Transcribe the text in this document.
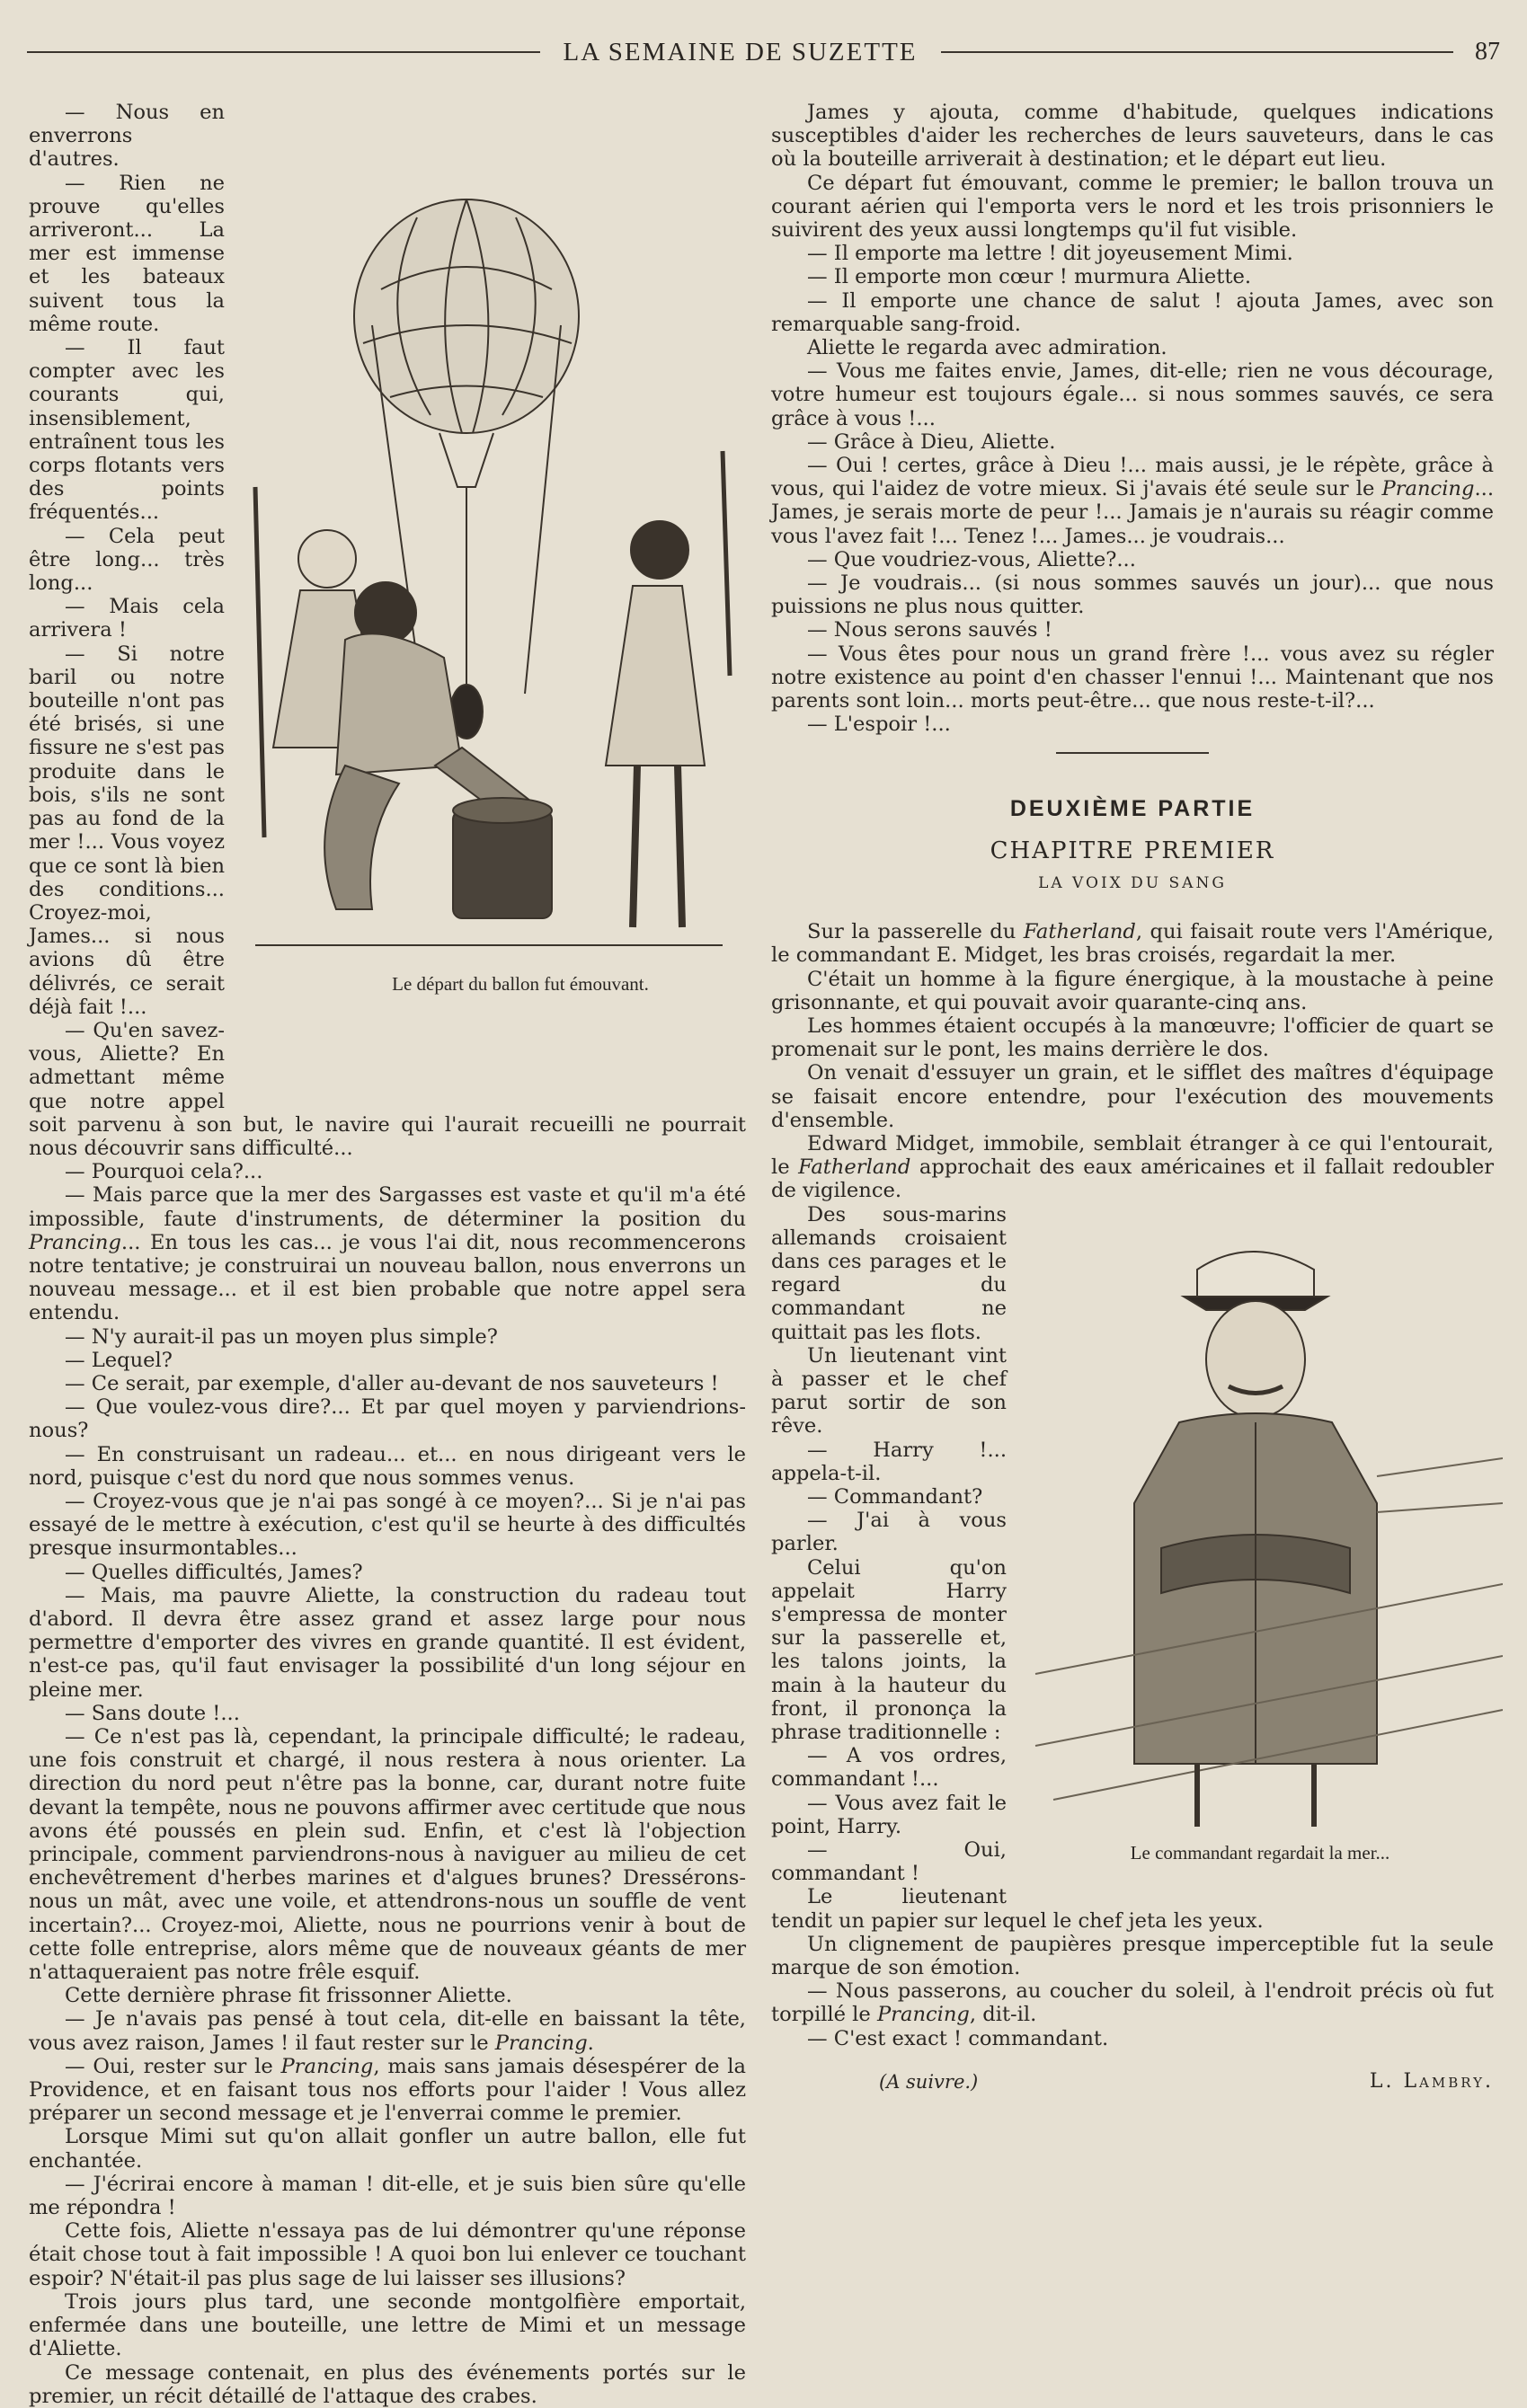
LA SEMAINE DE SUZETTE	87
Le départ du ballon fut émouvant.

— Nous en enverrons d'autres.

— Rien ne prouve qu'elles arriveront... La mer est immense et les bateaux suivent tous la même route.

— Il faut compter avec les courants qui, insensiblement, entraînent tous les corps flotants vers des points fréquentés...

— Cela peut être long... très long...

— Mais cela arrivera !

— Si notre baril ou notre bouteille n'ont pas été brisés, si une fissure ne s'est pas produite dans le bois, s'ils ne sont pas au fond de la mer !... Vous voyez que ce sont là bien des conditions... Croyez-moi, James... si nous avions dû être délivrés, ce serait déjà fait !...

— Qu'en savez-vous, Aliette? En admettant même que notre appel soit parvenu à son but, le navire qui l'aurait recueilli ne pourrait nous découvrir sans difficulté...

— Pourquoi cela?...

— Mais parce que la mer des Sargasses est vaste et qu'il m'a été impossible, faute d'instruments, de déterminer la position du Prancing... En tous les cas... je vous l'ai dit, nous recommencerons notre tentative; je construirai un nouveau ballon, nous enverrons un nouveau message... et il est bien probable que notre appel sera entendu.

— N'y aurait-il pas un moyen plus simple?

— Lequel?

— Ce serait, par exemple, d'aller au-devant de nos sauveteurs !

— Que voulez-vous dire?... Et par quel moyen y parviendrions-nous?

— En construisant un radeau... et... en nous dirigeant vers le nord, puisque c'est du nord que nous sommes venus.

— Croyez-vous que je n'ai pas songé à ce moyen?... Si je n'ai pas essayé de le mettre à exécution, c'est qu'il se heurte à des difficultés presque insurmontables...

— Quelles difficultés, James?

— Mais, ma pauvre Aliette, la construction du radeau tout d'abord. Il devra être assez grand et assez large pour nous permettre d'emporter des vivres en grande quantité. Il est évident, n'est-ce pas, qu'il faut envisager la possibilité d'un long séjour en pleine mer.

— Sans doute !...

— Ce n'est pas là, cependant, la principale difficulté; le radeau, une fois construit et chargé, il nous restera à nous orienter. La direction du nord peut n'être pas la bonne, car, durant notre fuite devant la tempête, nous ne pouvons affirmer avec certitude que nous avons été poussés en plein sud. Enfin, et c'est là l'objection principale, comment parviendrons-nous à naviguer au milieu de cet enchevêtrement d'herbes marines et d'algues brunes? Dressérons-nous un mât, avec une voile, et attendrons-nous un souffle de vent incertain?... Croyez-moi, Aliette, nous ne pourrions venir à bout de cette folle entreprise, alors même que de nouveaux géants de mer n'attaqueraient pas notre frêle esquif.

Cette dernière phrase fit frissonner Aliette.

— Je n'avais pas pensé à tout cela, dit-elle en baissant la tête, vous avez raison, James ! il faut rester sur le Prancing.

— Oui, rester sur le Prancing, mais sans jamais désespérer de la Providence, et en faisant tous nos efforts pour l'aider ! Vous allez préparer un second message et je l'enverrai comme le premier.

Lorsque Mimi sut qu'on allait gonfler un autre ballon, elle fut enchantée.

— J'écrirai encore à maman ! dit-elle, et je suis bien sûre qu'elle me répondra !

Cette fois, Aliette n'essaya pas de lui démontrer qu'une réponse était chose tout à fait impossible ! A quoi bon lui enlever ce touchant espoir? N'était-il pas plus sage de lui laisser ses illusions?

Trois jours plus tard, une seconde montgolfière emportait, enfermée dans une bouteille, une lettre de Mimi et un message d'Aliette.

Ce message contenait, en plus des événements portés sur le premier, un récit détaillé de l'attaque des crabes.

James y ajouta, comme d'habitude, quelques indications susceptibles d'aider les recherches de leurs sauveteurs, dans le cas où la bouteille arriverait à destination; et le départ eut lieu.

Ce départ fut émouvant, comme le premier; le ballon trouva un courant aérien qui l'emporta vers le nord et les trois prisonniers le suivirent des yeux aussi longtemps qu'il fut visible.

— Il emporte ma lettre ! dit joyeusement Mimi.

— Il emporte mon cœur ! murmura Aliette.

— Il emporte une chance de salut ! ajouta James, avec son remarquable sang-froid.

Aliette le regarda avec admiration.

— Vous me faites envie, James, dit-elle; rien ne vous décourage, votre humeur est toujours égale... si nous sommes sauvés, ce sera grâce à vous !...

— Grâce à Dieu, Aliette.

— Oui ! certes, grâce à Dieu !... mais aussi, je le répète, grâce à vous, qui l'aidez de votre mieux. Si j'avais été seule sur le Prancing... James, je serais morte de peur !... Jamais je n'aurais su réagir comme vous l'avez fait !... Tenez !... James... je voudrais...

— Que voudriez-vous, Aliette?...

— Je voudrais... (si nous sommes sauvés un jour)... que nous puissions ne plus nous quitter.

— Nous serons sauvés !

— Vous êtes pour nous un grand frère !... vous avez su régler notre existence au point d'en chasser l'ennui !... Maintenant que nos parents sont loin... morts peut-être... que nous reste-t-il?...

— L'espoir !...

DEUXIÈME PARTIE
CHAPITRE PREMIER
LA VOIX DU SANG

Sur la passerelle du Fatherland, qui faisait route vers l'Amérique, le commandant E. Midget, les bras croisés, regardait la mer.

C'était un homme à la figure énergique, à la moustache à peine grisonnante, et qui pouvait avoir quarante-cinq ans.

Les hommes étaient occupés à la manœuvre; l'officier de quart se promenait sur le pont, les mains derrière le dos.

On venait d'essuyer un grain, et le sifflet des maîtres d'équipage se faisait encore entendre, pour l'exécution des mouvements d'ensemble.

Edward Midget, immobile, semblait étranger à ce qui l'entourait, le Fatherland approchait des eaux américaines et il fallait redoubler de vigilence.

Le commandant regardait la mer...

Des sous-marins allemands croisaient dans ces parages et le regard du commandant ne quittait pas les flots.

Un lieutenant vint à passer et le chef parut sortir de son rêve.

— Harry !... appela-t-il.

— Commandant?

— J'ai à vous parler.

Celui qu'on appelait Harry s'empressa de monter sur la passerelle et, les talons joints, la main à la hauteur du front, il prononça la phrase traditionnelle :

— A vos ordres, commandant !...

— Vous avez fait le point, Harry.

— Oui, commandant !

Le lieutenant tendit un papier sur lequel le chef jeta les yeux.

Un clignement de paupières presque imperceptible fut la seule marque de son émotion.

— Nous passerons, au coucher du soleil, à l'endroit précis où fut torpillé le Prancing, dit-il.

— C'est exact ! commandant.

(A suivre.)	L. Lambry.
